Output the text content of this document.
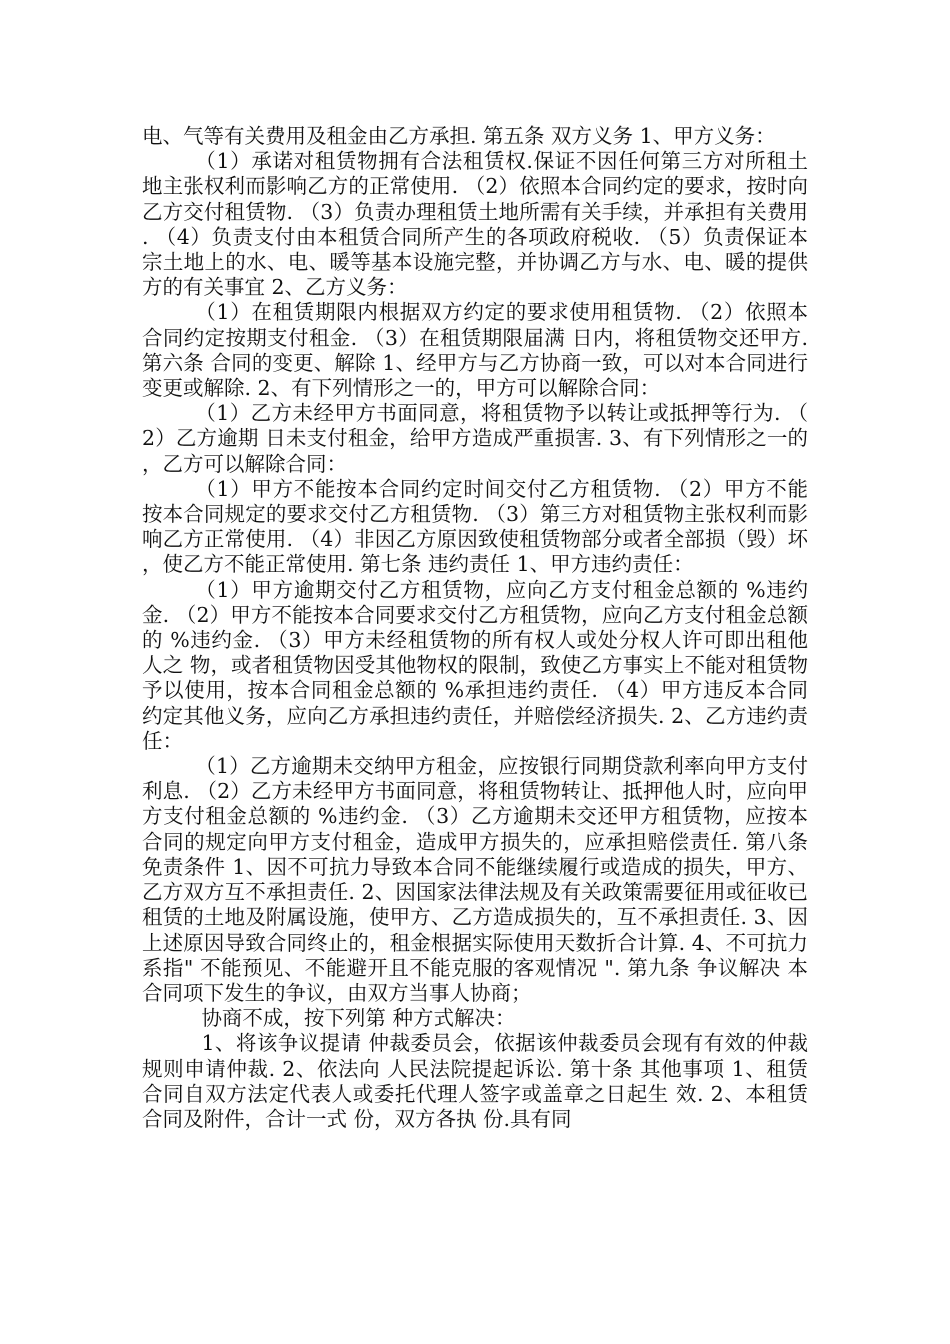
电、气等有关费用及租金由乙方承担. 第五条 双方义务 1、甲方义务：

（1）承诺对租赁物拥有合法租赁权.保证不因任何第三方对所租土地主张权利而影响乙方的正常使用. （2）依照本合同约定的要求，按时向乙方交付租赁物. （3）负责办理租赁土地所需有关手续，并承担有关费用. （4）负责支付由本租赁合同所产生的各项政府税收. （5）负责保证本宗土地上的水、电、暖等基本设施完整，并协调乙方与水、电、暖的提供方的有关事宜 2、乙方义务：

（1）在租赁期限内根据双方约定的要求使用租赁物. （2）依照本合同约定按期支付租金. （3）在租赁期限届满 日内，将租赁物交还甲方. 第六条 合同的变更、解除 1、经甲方与乙方协商一致，可以对本合同进行变更或解除. 2、有下列情形之一的，甲方可以解除合同：

（1）乙方未经甲方书面同意，将租赁物予以转让或抵押等行为. （2）乙方逾期 日未支付租金，给甲方造成严重损害. 3、有下列情形之一的，乙方可以解除合同：

（1）甲方不能按本合同约定时间交付乙方租赁物. （2）甲方不能按本合同规定的要求交付乙方租赁物. （3）第三方对租赁物主张权利而影响乙方正常使用. （4）非因乙方原因致使租赁物部分或者全部损（毁）坏，使乙方不能正常使用. 第七条 违约责任 1、甲方违约责任：

（1）甲方逾期交付乙方租赁物，应向乙方支付租金总额的 %违约金. （2）甲方不能按本合同要求交付乙方租赁物，应向乙方支付租金总额的 %违约金. （3）甲方未经租赁物的所有权人或处分权人许可即出租他人之 物，或者租赁物因受其他物权的限制，致使乙方事实上不能对租赁物予以使用，按本合同租金总额的 %承担违约责任. （4）甲方违反本合同约定其他义务，应向乙方承担违约责任，并赔偿经济损失. 2、乙方违约责任：

（1）乙方逾期未交纳甲方租金，应按银行同期贷款利率向甲方支付利息. （2）乙方未经甲方书面同意，将租赁物转让、抵押他人时，应向甲方支付租金总额的 %违约金. （3）乙方逾期未交还甲方租赁物，应按本合同的规定向甲方支付租金，造成甲方损失的，应承担赔偿责任. 第八条 免责条件 1、因不可抗力导致本合同不能继续履行或造成的损失，甲方、乙方双方互不承担责任. 2、因国家法律法规及有关政策需要征用或征收已租赁的土地及附属设施，使甲方、乙方造成损失的，互不承担责任. 3、因上述原因导致合同终止的，租金根据实际使用天数折合计算. 4、不可抗力系指" 不能预见、不能避开且不能克服的客观情况 ". 第九条 争议解决 本合同项下发生的争议，由双方当事人协商；

协商不成，按下列第 种方式解决：

1、将该争议提请 仲裁委员会，依据该仲裁委员会现有有效的仲裁规则申请仲裁. 2、依法向 人民法院提起诉讼. 第十条 其他事项 1、租赁合同自双方法定代表人或委托代理人签字或盖章之日起生 效. 2、本租赁合同及附件，合计一式 份，双方各执 份.具有同
